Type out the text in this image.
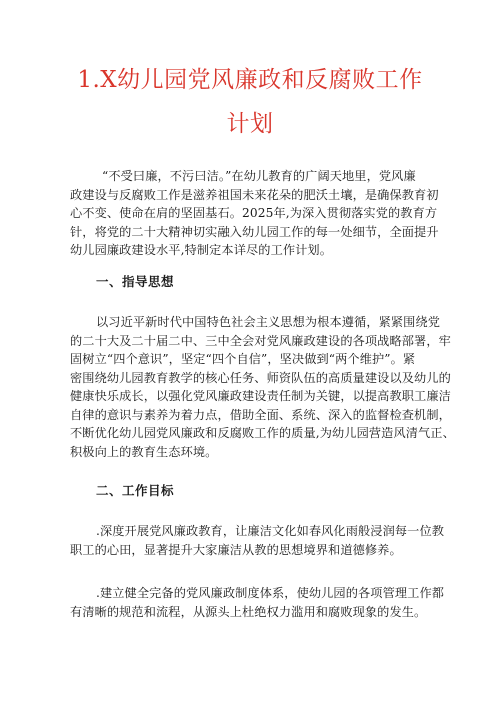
1.X幼儿园党风廉政和反腐败工作
计划

“不受曰廉，不污曰洁。”在幼儿教育的广阔天地里，党风廉
政建设与反腐败工作是滋养祖国未来花朵的肥沃土壤，是确保教育初
心不变、使命在肩的坚固基石。2025年,为深入贯彻落实党的教育方
针，将党的二十大精神切实融入幼儿园工作的每一处细节，全面提升
幼儿园廉政建设水平,特制定本详尽的工作计划。

一、指导思想

以习近平新时代中国特色社会主义思想为根本遵循，紧紧围绕党
的二十大及二十届二中、三中全会对党风廉政建设的各项战略部署，牢
固树立“四个意识”，坚定“四个自信”，坚决做到“两个维护”。紧
密围绕幼儿园教育教学的核心任务、师资队伍的高质量建设以及幼儿的
健康快乐成长，以强化党风廉政建设责任制为关键，以提高教职工廉洁
自律的意识与素养为着力点，借助全面、系统、深入的监督检查机制，
不断优化幼儿园党风廉政和反腐败工作的质量,为幼儿园营造风清气正、
积极向上的教育生态环境。

二、工作目标

.深度开展党风廉政教育，让廉洁文化如春风化雨般浸润每一位教
职工的心田，显著提升大家廉洁从教的思想境界和道德修养。

.建立健全完备的党风廉政制度体系，使幼儿园的各项管理工作都
有清晰的规范和流程，从源头上杜绝权力滥用和腐败现象的发生。
